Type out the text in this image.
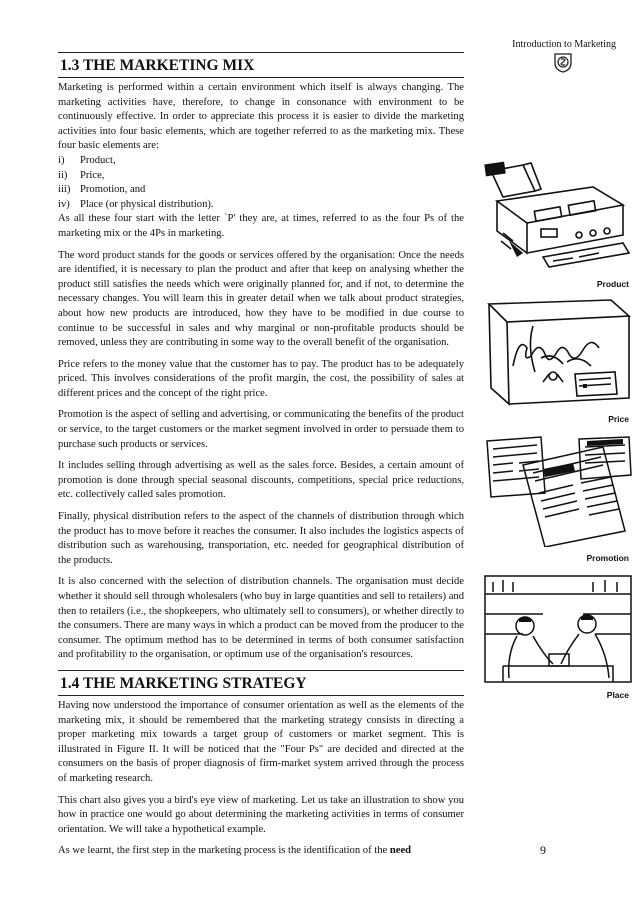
Introduction to Marketing
1.3 THE MARKETING MIX

Marketing is performed within a certain environment which itself is always changing. The marketing activities have, therefore, to change in consonance with environment to be continuously effective. In order to appreciate this process it is easier to divide the marketing activities into four basic elements, which are together referred to as the marketing mix. These four basic elements are:

i)	Product,
ii)	Price,
iii) Promotion, and
iv) Place (or physical distribution).

As all these four start with the letter `P' they are, at times, referred to as the four Ps of the marketing mix or the 4Ps in marketing.

The word product stands for the goods or services offered by the organisation: Once the needs are identified, it is necessary to plan the product and after that keep on analysing whether the product still satisfies the needs which were originally planned for, and if not, to determine the necessary changes. You will learn this in greater detail when we talk about product strategies, about how new products are introduced, how they have to be modified in due course to continue to be successful in sales and why marginal or non-profitable products should be removed, unless they are contributing in some way to the overall benefit of the organisation.

Price refers to the money value that the customer has to pay. The product has to be adequately priced. This involves considerations of the profit margin, the cost, the possibility of sales at different prices and the concept of the right price.

Promotion is the aspect of selling and advertising, or communicating the benefits of the product or service, to the target customers or the market segment involved in order to persuade them to purchase such products or services.

It includes selling through advertising as well as the sales force. Besides, a certain amount of promotion is done through special seasonal discounts, competitions, special price reductions, etc. collectively called sales promotion.

Finally, physical distribution refers to the aspect of the channels of distribution through which the product has to move before it reaches the consumer. It also includes the logistics aspects of distribution such as warehousing, transportation, etc. needed for geographical distribution of the products.

It is also concerned with the selection of distribution channels. The organisation must decide whether it should sell through wholesalers (who buy in large quantities and sell to retailers) and then to retailers (i.e., the shopkeepers, who ultimately sell to consumers), or whether directly to the consumers. There are many ways in which a product can be moved from the producer to the consumer. The optimum method has to be determined in terms of both consumer satisfaction and profitability to the organisation, or optimum use of the organisation's resources.

1.4 THE MARKETING STRATEGY

Having now understood the importance of consumer orientation as well as the elements of the marketing mix, it should be remembered that the marketing strategy consists in directing a proper marketing mix towards a target group of customers or market segment. This is illustrated in Figure II. It will be noticed that the "Four Ps" are decided and directed at the consumers on the basis of proper diagnosis of firm-market system arrived through the process of marketing research.

This chart also gives you a bird's eye view of marketing. Let us take an illustration to show you how in practice one would go about determining the marketing activities in terms of consumer orientation. We will take a hypothetical example.

As we learnt, the first step in the marketing process is the identification of the need

Product
Price
Promotion
Place
9
